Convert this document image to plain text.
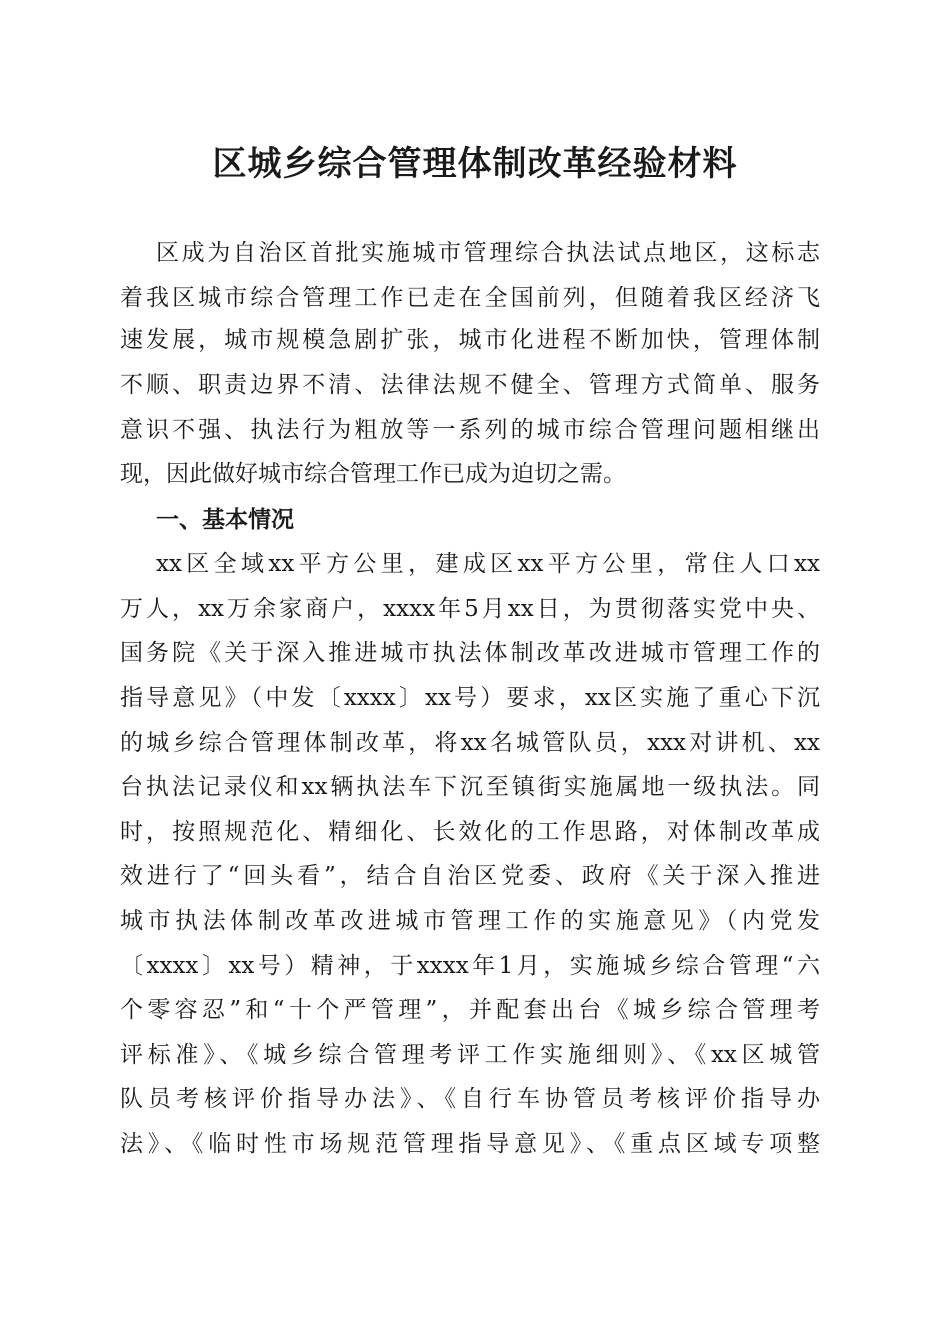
区城乡综合管理体制改革经验材料
区成为自治区首批实施城市管理综合执法试点地区，这标志
着我区城市综合管理工作已走在全国前列，但随着我区经济飞
速发展，城市规模急剧扩张，城市化进程不断加快，管理体制
不顺、职责边界不清、法律法规不健全、管理方式简单、服务
意识不强、执法行为粗放等一系列的城市综合管理问题相继出
现，因此做好城市综合管理工作已成为迫切之需。
一、基本情况
xx区全域xx平方公里，建成区xx平方公里，常住人口xx
万人，xx万余家商户，xxxx年5月xx日，为贯彻落实党中央、
国务院《关于深入推进城市执法体制改革改进城市管理工作的
指导意见》（中发〔xxxx〕xx号）要求，xx区实施了重心下沉
的城乡综合管理体制改革，将xx名城管队员，xxx对讲机、xx
台执法记录仪和xx辆执法车下沉至镇街实施属地一级执法。同
时，按照规范化、精细化、长效化的工作思路，对体制改革成
效进行了“回头看”，结合自治区党委、政府《关于深入推进
城市执法体制改革改进城市管理工作的实施意见》（内党发
〔xxxx〕xx号）精神，于xxxx年1月，实施城乡综合管理“六
个零容忍”和“十个严管理”，并配套出台《城乡综合管理考
评标准》、《城乡综合管理考评工作实施细则》、《xx区城管
队员考核评价指导办法》、《自行车协管员考核评价指导办
法》、《临时性市场规范管理指导意见》、《重点区域专项整
